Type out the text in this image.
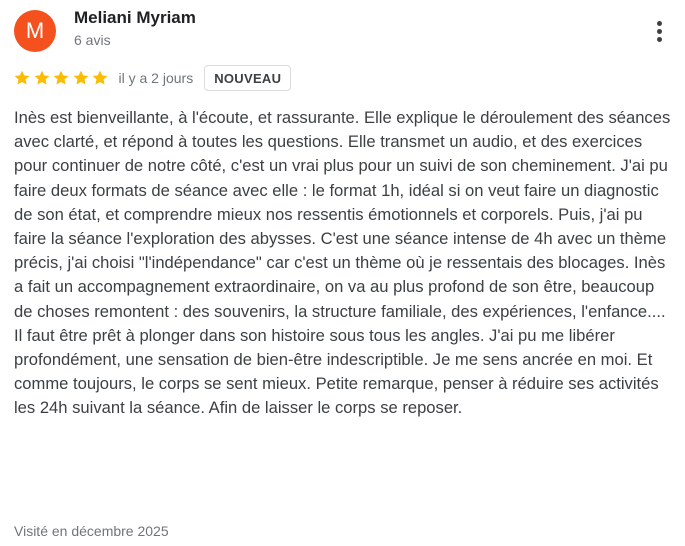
M
Meliani Myriam
6 avis
il y a 2 jours	NOUVEAU

Inès est bienveillante, à l'écoute, et rassurante. Elle explique le déroulement des séances avec clarté, et répond à toutes les questions. Elle transmet un audio, et des exercices pour continuer de notre côté, c'est un vrai plus pour un suivi de son cheminement. J'ai pu faire deux formats de séance avec elle : le format 1h, idéal si on veut faire un diagnostic de son état, et comprendre mieux nos ressentis émotionnels et corporels. Puis, j'ai pu faire la séance l'exploration des abysses. C'est une séance intense de 4h avec un thème précis, j'ai choisi "l'indépendance" car c'est un thème où je ressentais des blocages. Inès a fait un accompagnement extraordinaire, on va au plus profond de son être, beaucoup de choses remontent : des souvenirs, la structure familiale, des expériences, l'enfance.... Il faut être prêt à plonger dans son histoire sous tous les angles. J'ai pu me libérer profondément, une sensation de bien-être indescriptible. Je me sens ancrée en moi. Et comme toujours, le corps se sent mieux. Petite remarque, penser à réduire ses activités les 24h suivant la séance. Afin de laisser le corps se reposer.

Visité en décembre 2025
